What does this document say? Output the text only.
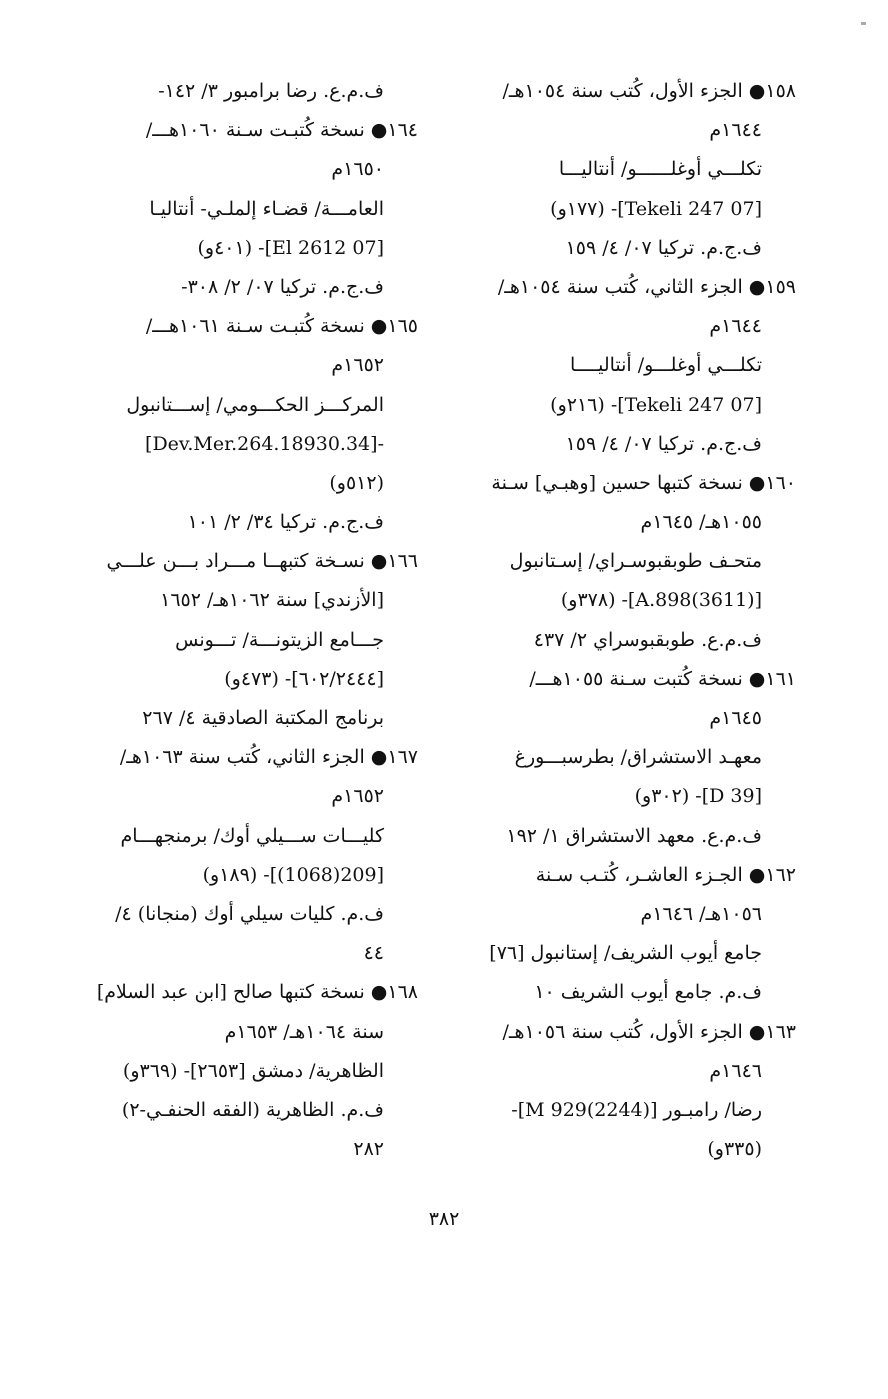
١٥٨● الجزء الأول، كُتب سنة ١٠٥٤هـ/
١٦٤٤م
تكلـــي أوغلــــــو/ أنتاليـــا
[07 Tekeli 247]- (١٧٧و)
ف.ج.م. تركيا ٠٧/ ٤/ ١٥٩
١٥٩● الجزء الثاني، كُتب سنة ١٠٥٤هـ/
١٦٤٤م
تكلـــي أوغلـــو/ أنتاليــــا
[07 Tekeli 247]- (٢١٦و)
ف.ج.م. تركيا ٠٧/ ٤/ ١٥٩
١٦٠● نسخة كتبها حسين [وهبـي] سـنة
١٠٥٥هـ/ ١٦٤٥م
متحـف طوبقبوسـراي/ إسـتانبول
[(3611)A.898]- (٣٧٨و)
ف.م.ع. طوبقبوسراي ٢/ ٤٣٧
١٦١● نسخة كُتبت سـنة ١٠٥٥هـــ/
١٦٤٥م
معهـد الاستشراق/ بطرسبـــورغ
[D 39]- (٣٠٢و)
ف.م.ع. معهد الاستشراق ١/ ١٩٢
١٦٢● الجـزء العاشـر، كُتـب سـنة
١٠٥٦هـ/ ١٦٤٦م
جامع أيوب الشريف/ إستانبول [٧٦]
ف.م. جامع أيوب الشريف ١٠
١٦٣● الجزء الأول، كُتب سنة ١٠٥٦هـ/
١٦٤٦م
رضا/ رامبـور [M 929(2244)]-
(٣٣٥و)
ف.م.ع. رضا برامبور ٣/ ١٤٢-
١٦٤● نسخة كُتبـت سـنة ١٠٦٠هـــ/
١٦٥٠م
العامـــة/ قضـاء إلملـي- أنتاليـا
[07 El 2612]- (٤٠١و)
ف.ج.م. تركيا ٠٧/ ٢/ ٣٠٨-
١٦٥● نسخة كُتبـت سـنة ١٠٦١هـــ/
١٦٥٢م
المركـــز الحكـــومي/ إســـتانبول
-[34.Dev.Mer.264.18930]
(٥١٢و)
ف.ج.م. تركيا ٣٤/ ٢/ ١٠١
١٦٦● نسـخة كتبهــا مـــراد بـــن علـــي
[الأزندي] سنة ١٠٦٢هـ/ ١٦٥٢
جـــامع الزيتونـــة/ تـــونس
[٦٠٢/٢٤٤٤]- (٤٧٣و)
برنامج المكتبة الصادقية ٤/ ٢٦٧
١٦٧● الجزء الثاني، كُتب سنة ١٠٦٣هـ/
١٦٥٢م
كليـــات ســـيلي أوك/ برمنجهـــام
[209(1068)]- (١٨٩و)
ف.م. كليات سيلي أوك (منجانا) ٤/
٤٤
١٦٨● نسخة كتبها صالح [ابن عبد السلام]
سنة ١٠٦٤هـ/ ١٦٥٣م
الظاهرية/ دمشق [٢٦٥٣]- (٣٦٩و)
ف.م. الظاهرية (الفقه الحنفـي-٢)
٢٨٢
٣٨٢
